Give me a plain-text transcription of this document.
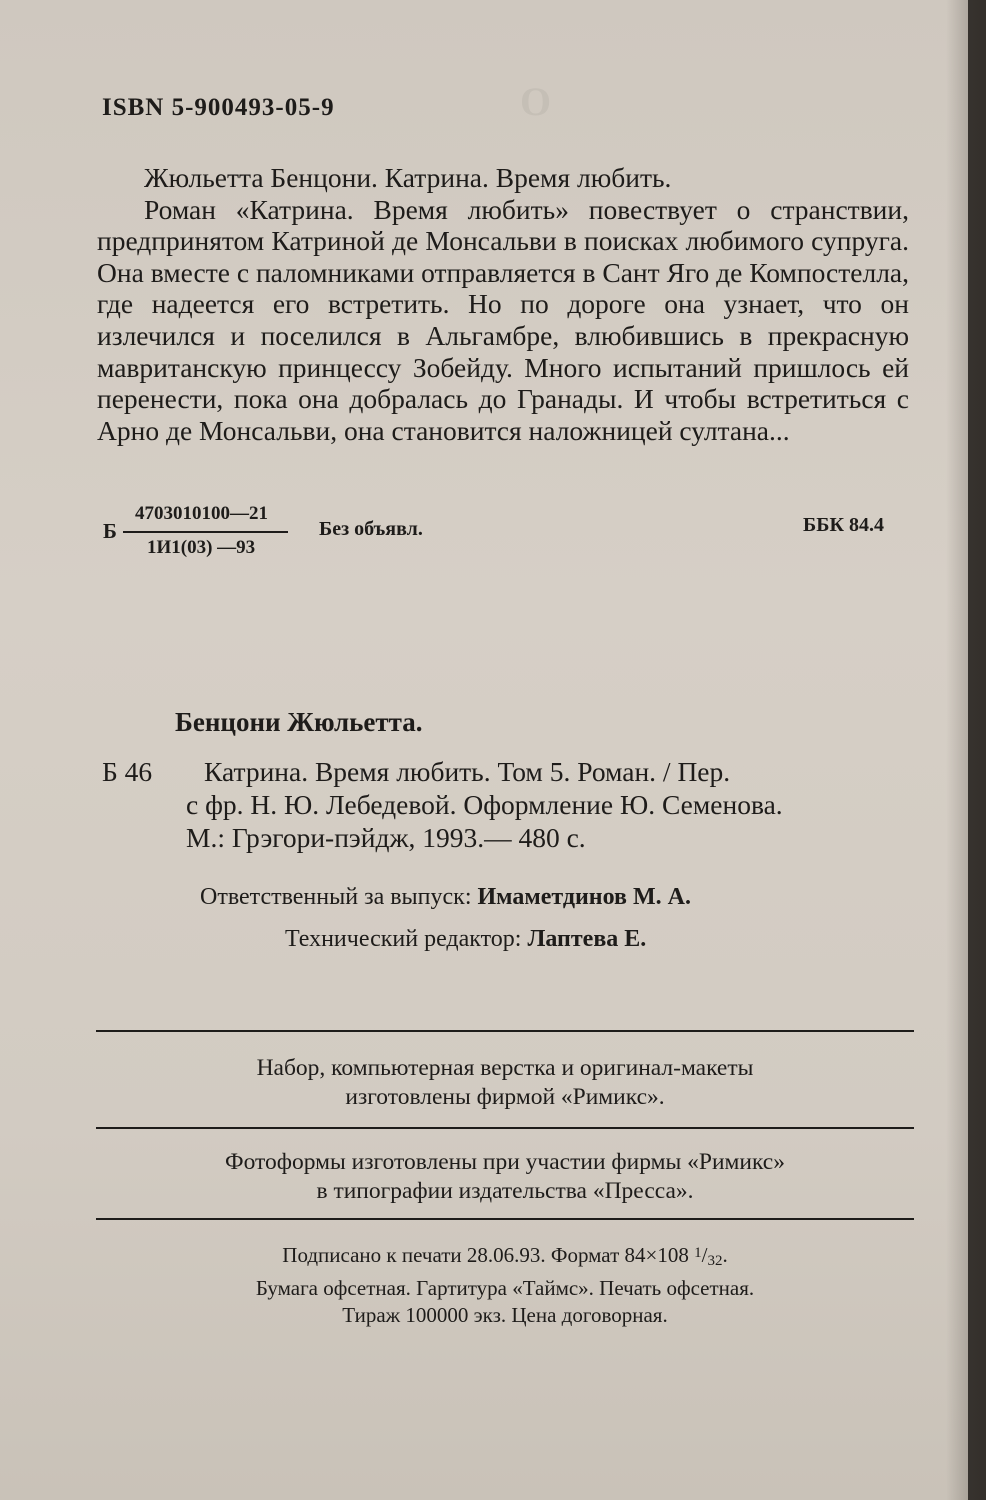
О
ISBN 5-900493-05-9

Жюльетта Бенцони. Катрина. Время любить.

Роман «Катрина. Время любить» повествует о странствии, предпринятом Катриной де Монсальви в поисках любимого супруга. Она вместе с паломниками отправляется в Сант Яго де Компостелла, где надеется его встретить. Но по дороге она узнает, что он излечился и поселился в Альгамбре, влюбившись в прекрасную мавританскую принцессу Зобейду. Много испытаний пришлось ей перенести, пока она добралась до Гранады. И чтобы встретиться с Арно де Монсальви, она становится наложницей султана...

Б
4703010100—21
1И1(03) —93
Без объявл.	ББК 84.4
Бенцони Жюльетта.
Б 46	Катрина. Время любить. Том 5. Роман. / Пер.
с фр. Н. Ю. Лебедевой. Оформление Ю. Семенова.
М.: Грэгори-пэйдж, 1993.— 480 с.
Ответственный за выпуск: Имаметдинов М. А.
Технический редактор: Лаптева Е.
Набор, компьютерная верстка и оригинал-макеты
изготовлены фирмой «Римикс».
Фотоформы изготовлены при участии фирмы «Римикс»
в типографии издательства «Пресса».
Подписано к печати 28.06.93. Формат 84×108 $^1$/32.
Бумага офсетная. Гартитура «Таймс». Печать офсетная.
Тираж 100000 экз. Цена договорная.
